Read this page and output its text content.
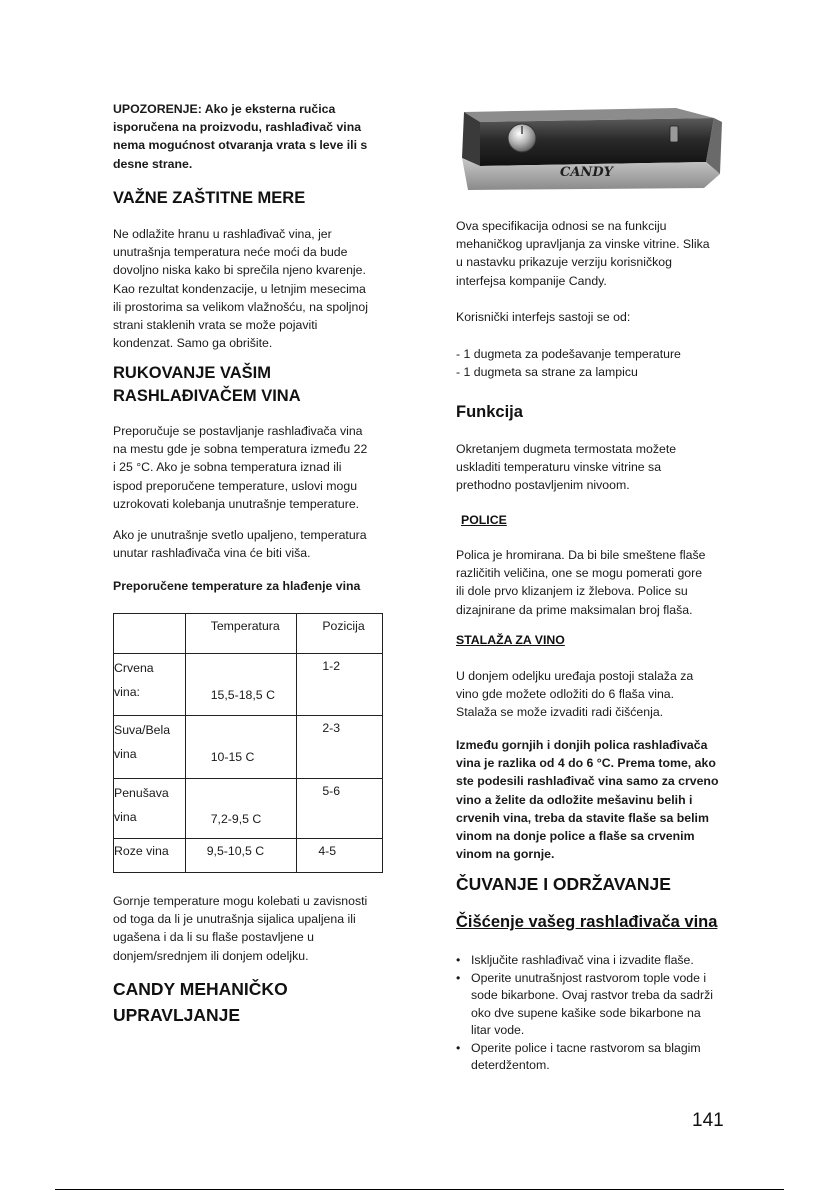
UPOZORENJE: Ako je eksterna ručica
isporučena na proizvodu, rashlađivač vina
nema mogućnost otvaranja vrata s leve ili s
desne strane.
VAŽNE ZAŠTITNE MERE
Ne odlažite hranu u rashlađivač vina, jer
unutrašnja temperatura neće moći da bude
dovoljno niska kako bi sprečila njeno kvarenje.
Kao rezultat kondenzacije, u letnjim mesecima
ili prostorima sa velikom vlažnošću, na spoljnoj
strani staklenih vrata se može pojaviti
kondenzat. Samo ga obrišite.
RUKOVANJE VAŠIM
RASHLAĐIVAČEM VINA
Preporučuje se postavljanje rashlađivača vina
na mestu gde je sobna temperatura između 22
i 25 °C. Ako je sobna temperatura iznad ili
ispod preporučene temperature, uslovi mogu
uzrokovati kolebanja unutrašnje temperature.
Ako je unutrašnje svetlo upaljeno, temperatura
unutar rashlađivača vina će biti viša.
Preporučene temperature za hlađenje vina
	Temperatura	Pozicija

Crvena
vina:	15,5-18,5 C	1-2

Suva/Bela
vina	10-15 C	2-3

Penušava
vina	7,2-9,5 C	5-6
Roze vina	9,5-10,5 C	4-5
Gornje temperature mogu kolebati u zavisnosti
od toga da li je unutrašnja sijalica upaljena ili
ugašena i da li su flaše postavljene u
donjem/srednjem ili donjem odeljku.
CANDY MEHANIČKO
UPRAVLJANJE
CANDY
Ova specifikacija odnosi se na funkciju
mehaničkog upravljanja za vinske vitrine. Slika
u nastavku prikazuje verziju korisničkog
interfejsa kompanije Candy.
Korisnički interfejs sastoji se od:
- 1 dugmeta za podešavanje temperature
- 1 dugmeta sa strane za lampicu
Funkcija
Okretanjem dugmeta termostata možete
uskladiti temperaturu vinske vitrine sa
prethodno postavljenim nivoom.
POLICE
Polica je hromirana. Da bi bile smeštene flaše
različitih veličina, one se mogu pomerati gore
ili dole prvo klizanjem iz žlebova. Police su
dizajnirane da prime maksimalan broj flaša.
STALAŽA ZA VINO
U donjem odeljku uređaja postoji stalaža za
vino gde možete odložiti do 6 flaša vina.
Stalaža se može izvaditi radi čišćenja.
Između gornjih i donjih polica rashlađivača
vina je razlika od 4 do 6 °C. Prema tome, ako
ste podesili rashlađivač vina samo za crveno
vino a želite da odložite mešavinu belih i
crvenih vina, treba da stavite flaše sa belim
vinom na donje police a flaše sa crvenim
vinom na gornje.
ČUVANJE I ODRŽAVANJE
Čišćenje vašeg rashlađivača vina
• Isključite rashlađivač vina i izvadite flaše.
• Operite unutrašnjost rastvorom tople vode i
sode bikarbone. Ovaj rastvor treba da sadrži
oko dve supene kašike sode bikarbone na
litar vode.
• Operite police i tacne rastvorom sa blagim
deterdžentom.
141
